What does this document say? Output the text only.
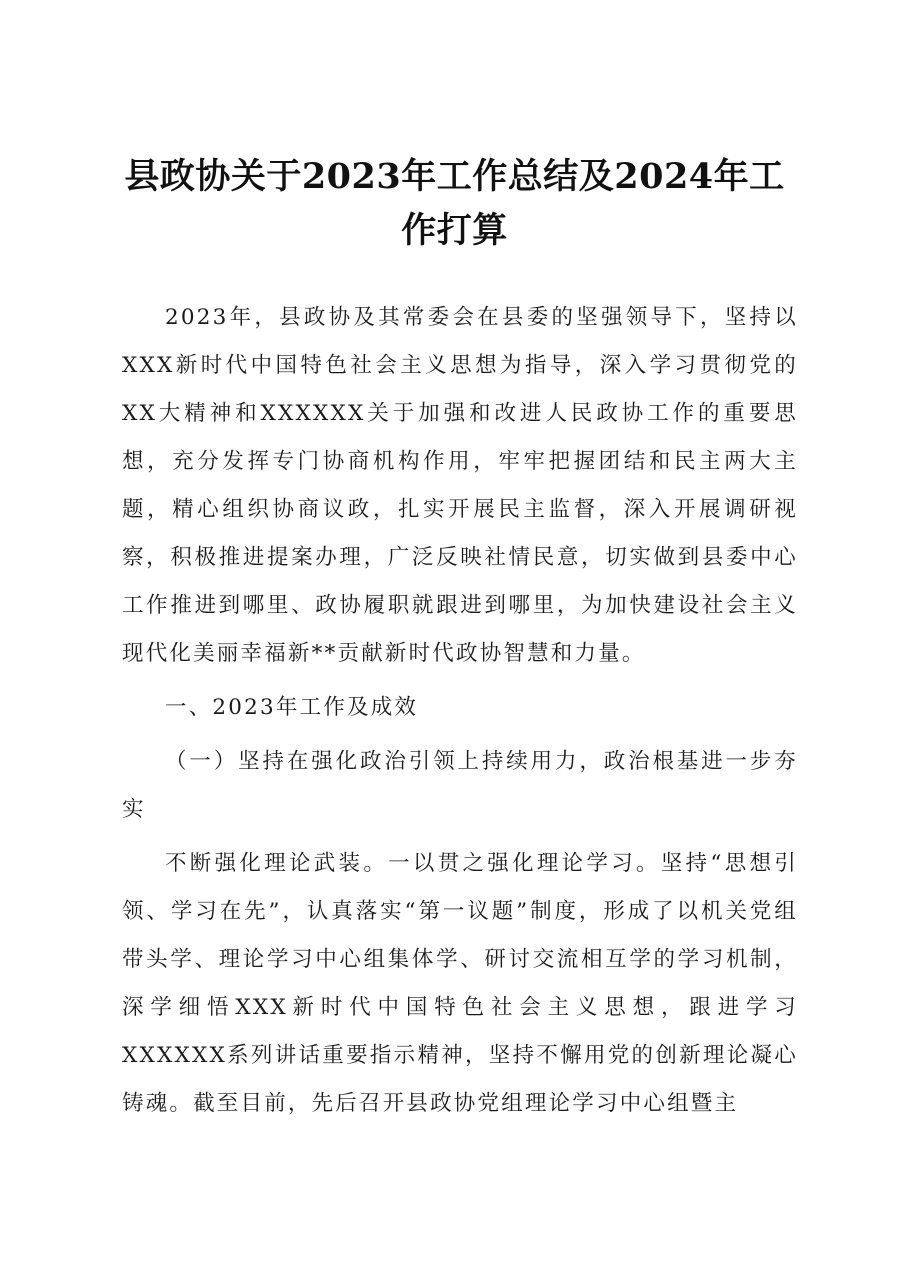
县政协关于2023年工作总结及2024年工作打算

2023年，县政协及其常委会在县委的坚强领导下，坚持以XXX新时代中国特色社会主义思想为指导，深入学习贯彻党的XX大精神和XXXXXX关于加强和改进人民政协工作的重要思想，充分发挥专门协商机构作用，牢牢把握团结和民主两大主题，精心组织协商议政，扎实开展民主监督，深入开展调研视察，积极推进提案办理，广泛反映社情民意，切实做到县委中心工作推进到哪里、政协履职就跟进到哪里，为加快建设社会主义现代化美丽幸福新**贡献新时代政协智慧和力量。

一、2023年工作及成效

（一）坚持在强化政治引领上持续用力，政治根基进一步夯实

不断强化理论武装。一以贯之强化理论学习。坚持“思想引领、学习在先”，认真落实“第一议题”制度，形成了以机关党组带头学、理论学习中心组集体学、研讨交流相互学的学习机制，深学细悟XXX新时代中国特色社会主义思想，跟进学习XXXXXX系列讲话重要指示精神，坚持不懈用党的创新理论凝心铸魂。截至目前，先后召开县政协党组理论学习中心组暨主
